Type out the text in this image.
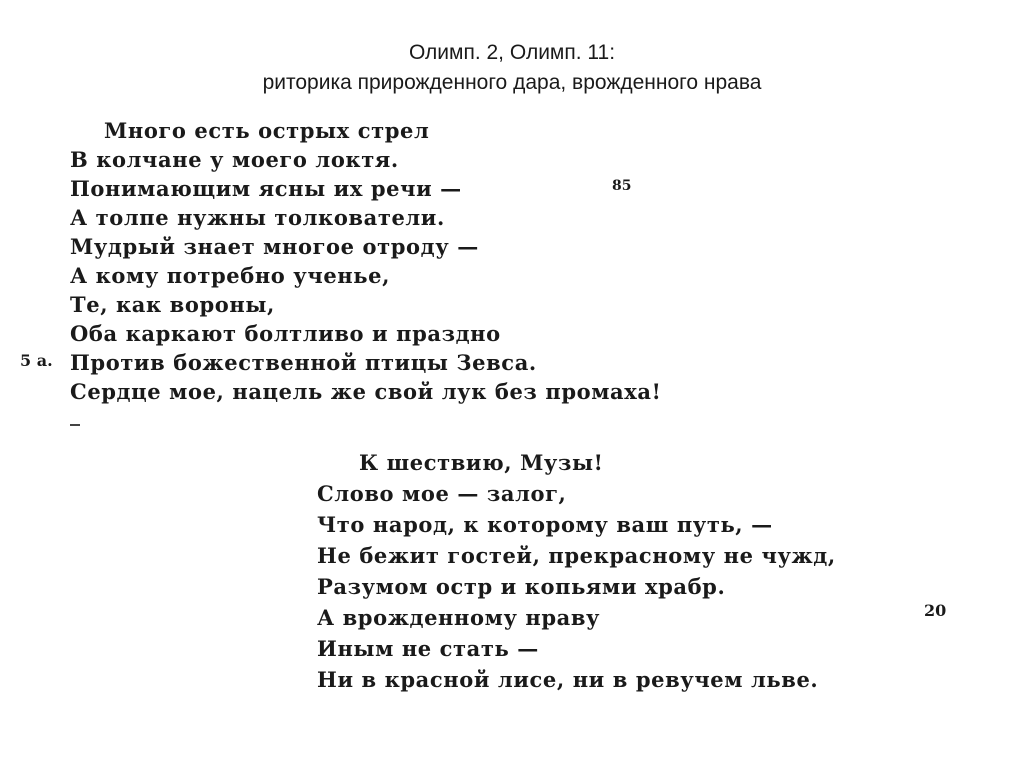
Олимп. 2, Олимп. 11:
риторика прирожденного дара, врожденного нрава
Много есть острых стрел
В колчане у моего локтя.
Понимающим ясны их речи —
А толпе нужны толкователи.
Мудрый знает многое отроду —
А кому потребно ученье,
Те, как вороны,
Оба каркают болтливо и праздно
Против божественной птицы Зевса.
Сердце мое, нацель же свой лук без промаха!
К шествию, Музы!
Слово мое — залог,
Что народ, к которому ваш путь, —
Не бежит гостей, прекрасному не чужд,
Разумом остр и копьями храбр.
А врожденному нраву
Иным не стать —
Ни в красной лисе, ни в ревучем льве.
85
20
5 а.
